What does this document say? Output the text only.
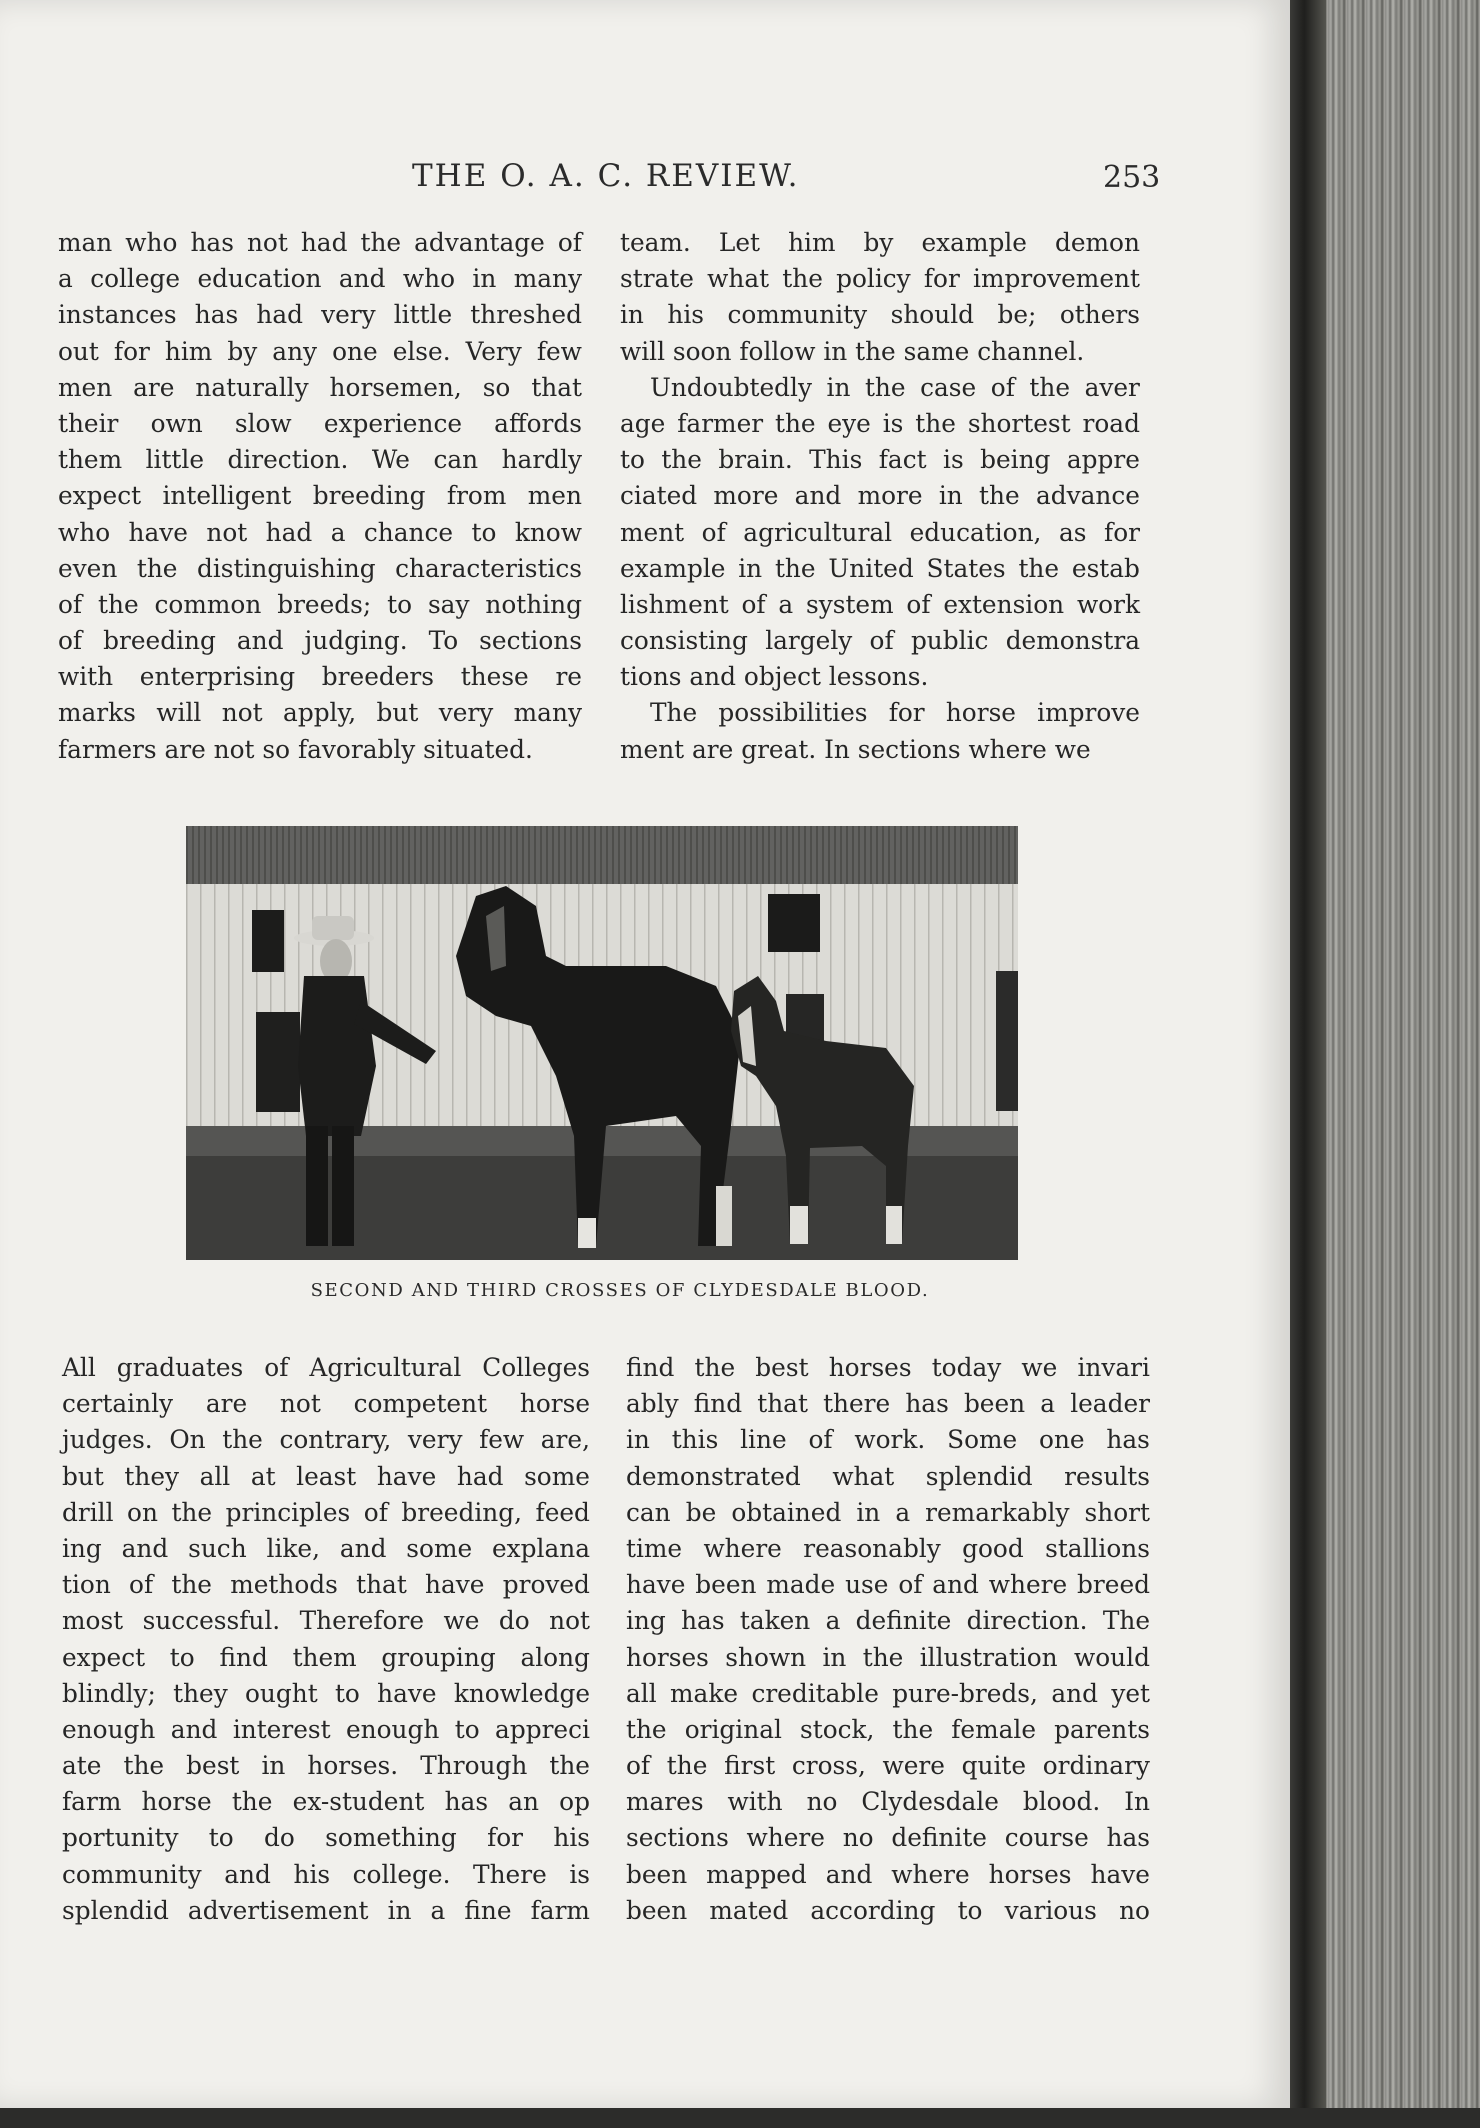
THE O. A. C. REVIEW.	253
man who has not had the advantage of
a college education and who in many
instances has had very little threshed
out for him by any one else. Very few
men are naturally horsemen, so that
their own slow experience affords
them little direction. We can hardly
expect intelligent breeding from men
who have not had a chance to know
even the distinguishing characteristics
of the common breeds; to say nothing
of breeding and judging. To sections
with enterprising breeders these re
marks will not apply, but very many
farmers are not so favorably situated.
team. Let him by example demon
strate what the policy for improvement
in his community should be; others
will soon follow in the same channel.
Undoubtedly in the case of the aver
age farmer the eye is the shortest road
to the brain. This fact is being appre
ciated more and more in the advance
ment of agricultural education, as for
example in the United States the estab
lishment of a system of extension work
consisting largely of public demonstra
tions and object lessons.
The possibilities for horse improve
ment are great. In sections where we
SECOND AND THIRD CROSSES OF CLYDESDALE BLOOD.
All graduates of Agricultural Colleges
certainly are not competent horse
judges. On the contrary, very few are,
but they all at least have had some
drill on the principles of breeding, feed
ing and such like, and some explana
tion of the methods that have proved
most successful. Therefore we do not
expect to find them grouping along
blindly; they ought to have knowledge
enough and interest enough to appreci
ate the best in horses. Through the
farm horse the ex-student has an op
portunity to do something for his
community and his college. There is
splendid advertisement in a fine farm
find the best horses today we invari
ably find that there has been a leader
in this line of work. Some one has
demonstrated what splendid results
can be obtained in a remarkably short
time where reasonably good stallions
have been made use of and where breed
ing has taken a definite direction. The
horses shown in the illustration would
all make creditable pure-breds, and yet
the original stock, the female parents
of the first cross, were quite ordinary
mares with no Clydesdale blood. In
sections where no definite course has
been mapped and where horses have
been mated according to various no
